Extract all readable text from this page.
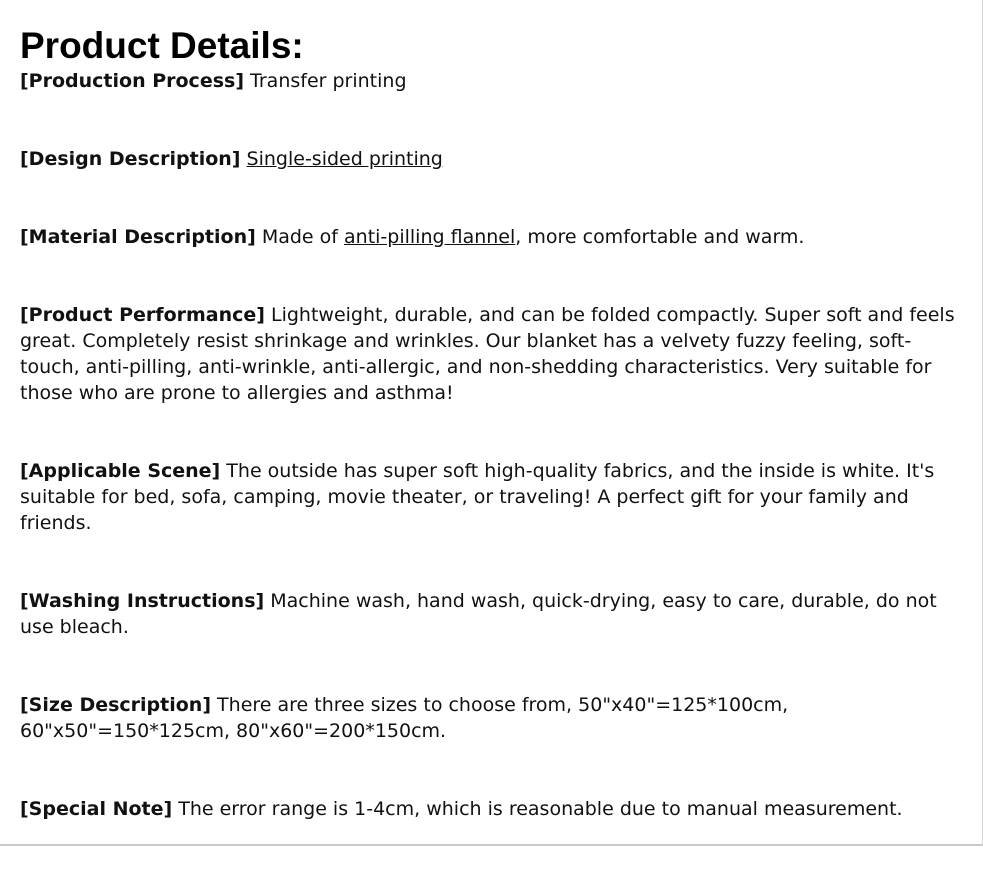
Product Details:

[Production Process] Transfer printing

[Design Description] Single-sided printing

[Material Description] Made of anti-pilling flannel, more comfortable and warm.

[Product Performance] Lightweight, durable, and can be folded compactly. Super soft and feels great. Completely resist shrinkage and wrinkles. Our blanket has a velvety fuzzy feeling, soft-touch, anti-pilling, anti-wrinkle, anti-allergic, and non-shedding characteristics. Very suitable for those who are prone to allergies and asthma!

[Applicable Scene] The outside has super soft high-quality fabrics, and the inside is white. It's suitable for bed, sofa, camping, movie theater, or traveling! A perfect gift for your family and friends.

[Washing Instructions] Machine wash, hand wash, quick-drying, easy to care, durable, do not use bleach.

[Size Description] There are three sizes to choose from, 50"x40"=125*100cm, 60"x50"=150*125cm, 80"x60"=200*150cm.

[Special Note] The error range is 1-4cm, which is reasonable due to manual measurement.
